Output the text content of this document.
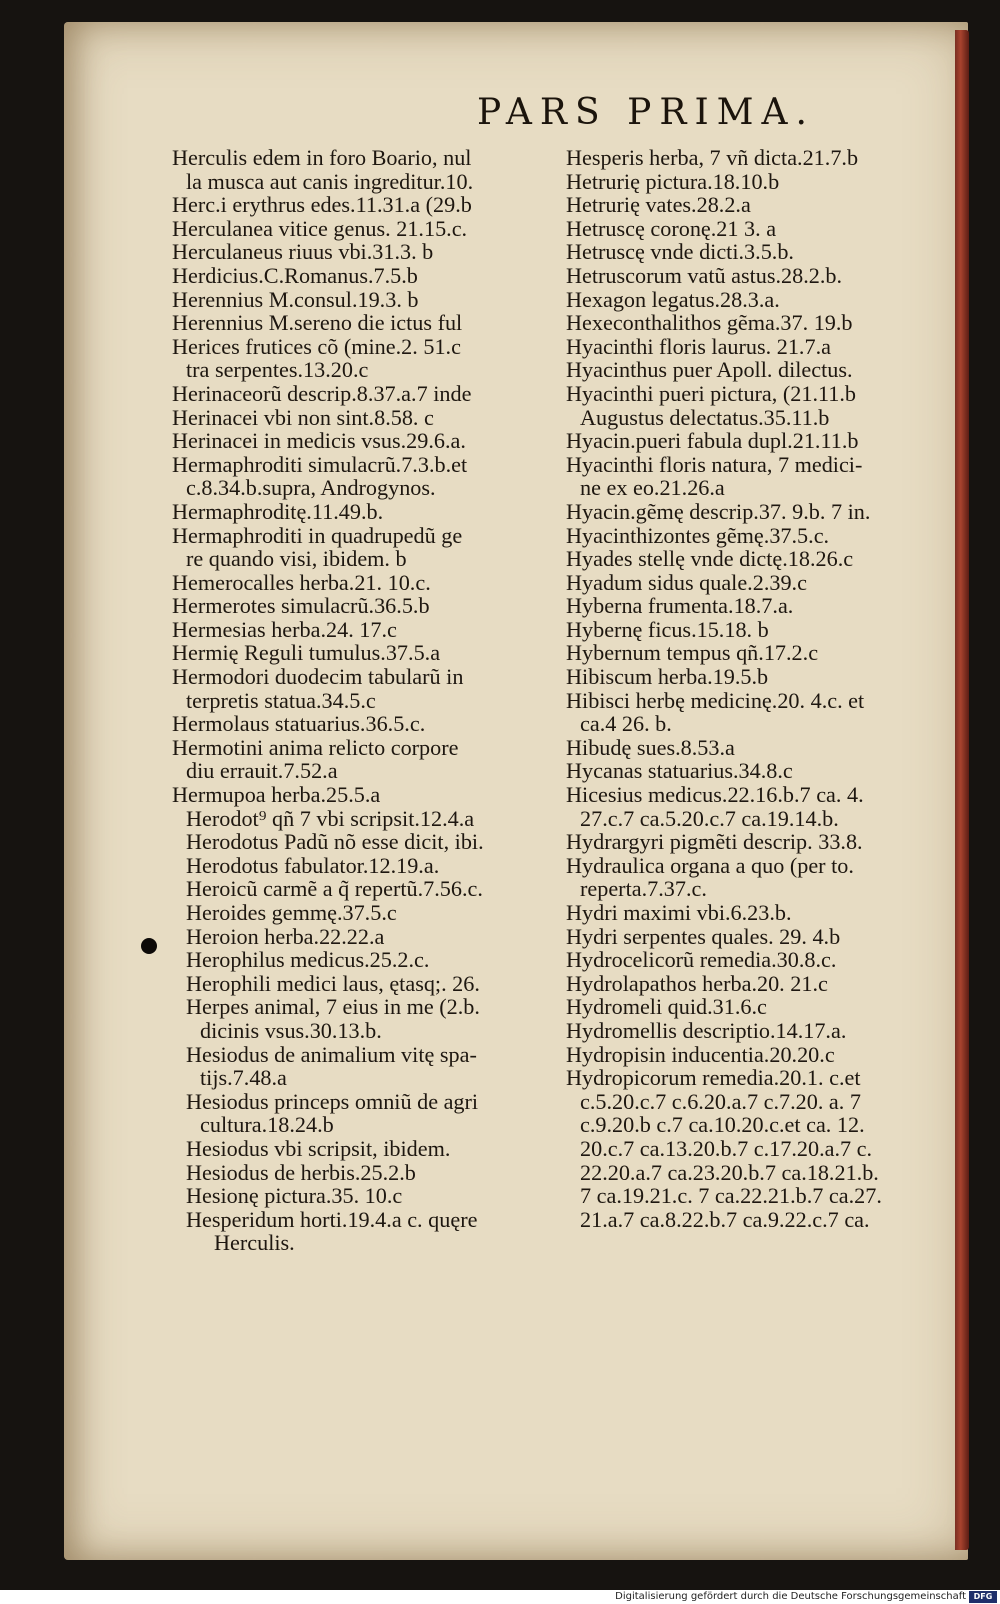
PARS PRIMA.
Herculis edem in foro Boario, nul
la musca aut canis ingreditur.10.
Herc.i erythrus edes.11.31.a (29.b
Herculanea vitice genus. 21.15.c.
Herculaneus riuus vbi.31.3. b
Herdicius.C.Romanus.7.5.b
Herennius M.consul.19.3. b
Herennius M.sereno die ictus ful
Herices frutices cõ (mine.2. 51.c
tra serpentes.13.20.c
Herinaceorũ descrip.8.37.a.7 inde
Herinacei vbi non sint.8.58. c
Herinacei in medicis vsus.29.6.a.
Hermaphroditi simulacrũ.7.3.b.et
c.8.34.b.supra, Androgynos.
Hermaphroditę.11.49.b.
Hermaphroditi in quadrupedũ ge
re quando visi, ibidem. b
Hemerocalles herba.21. 10.c.
Hermerotes simulacrũ.36.5.b
Hermesias herba.24. 17.c
Hermię Reguli tumulus.37.5.a
Hermodori duodecim tabularũ in
terpretis statua.34.5.c
Hermolaus statuarius.36.5.c.
Hermotini anima relicto corpore
diu errauit.7.52.a
Hermupoa herba.25.5.a
Herodot⁹ qñ 7 vbi scripsit.12.4.a
Herodotus Padũ nõ esse dicit, ibi.
Herodotus fabulator.12.19.a.
Heroicũ carmẽ a q̃ repertũ.7.56.c.
Heroides gemmę.37.5.c
Heroion herba.22.22.a
Herophilus medicus.25.2.c.
Herophili medici laus, ętasq;. 26.
Herpes animal, 7 eius in me (2.b.
dicinis vsus.30.13.b.
Hesiodus de animalium vitę spa-
tijs.7.48.a
Hesiodus princeps omniũ de agri
cultura.18.24.b
Hesiodus vbi scripsit, ibidem.
Hesiodus de herbis.25.2.b
Hesionę pictura.35. 10.c
Hesperidum horti.19.4.a c. quęre
Herculis.
Hesperis herba, 7 vñ dicta.21.7.b
Hetrurię pictura.18.10.b
Hetrurię vates.28.2.a
Hetruscę coronę.21 3. a
Hetruscę vnde dicti.3.5.b.
Hetruscorum vatũ astus.28.2.b.
Hexagon legatus.28.3.a.
Hexeconthalithos gẽma.37. 19.b
Hyacinthi floris laurus. 21.7.a
Hyacinthus puer Apoll. dilectus.
Hyacinthi pueri pictura, (21.11.b
Augustus delectatus.35.11.b
Hyacin.pueri fabula dupl.21.11.b
Hyacinthi floris natura, 7 medici-
ne ex eo.21.26.a
Hyacin.gẽmę descrip.37. 9.b. 7 in.
Hyacinthizontes gẽmę.37.5.c.
Hyades stellę vnde dictę.18.26.c
Hyadum sidus quale.2.39.c
Hyberna frumenta.18.7.a.
Hybernę ficus.15.18. b
Hybernum tempus qñ.17.2.c
Hibiscum herba.19.5.b
Hibisci herbę medicinę.20. 4.c. et
ca.4 26. b.
Hibudę sues.8.53.a
Hycanas statuarius.34.8.c
Hicesius medicus.22.16.b.7 ca. 4.
27.c.7 ca.5.20.c.7 ca.19.14.b.
Hydrargyri pigmẽti descrip. 33.8.
Hydraulica organa a quo (per to.
reperta.7.37.c.
Hydri maximi vbi.6.23.b.
Hydri serpentes quales. 29. 4.b
Hydrocelicorũ remedia.30.8.c.
Hydrolapathos herba.20. 21.c
Hydromeli quid.31.6.c
Hydromellis descriptio.14.17.a.
Hydropisin inducentia.20.20.c
Hydropicorum remedia.20.1. c.et
c.5.20.c.7 c.6.20.a.7 c.7.20. a. 7
c.9.20.b c.7 ca.10.20.c.et ca. 12.
20.c.7 ca.13.20.b.7 c.17.20.a.7 c.
22.20.a.7 ca.23.20.b.7 ca.18.21.b.
7 ca.19.21.c. 7 ca.22.21.b.7 ca.27.
21.a.7 ca.8.22.b.7 ca.9.22.c.7 ca.
Digitalisierung gefördert durch die Deutsche Forschungsgemeinschaft DFG
